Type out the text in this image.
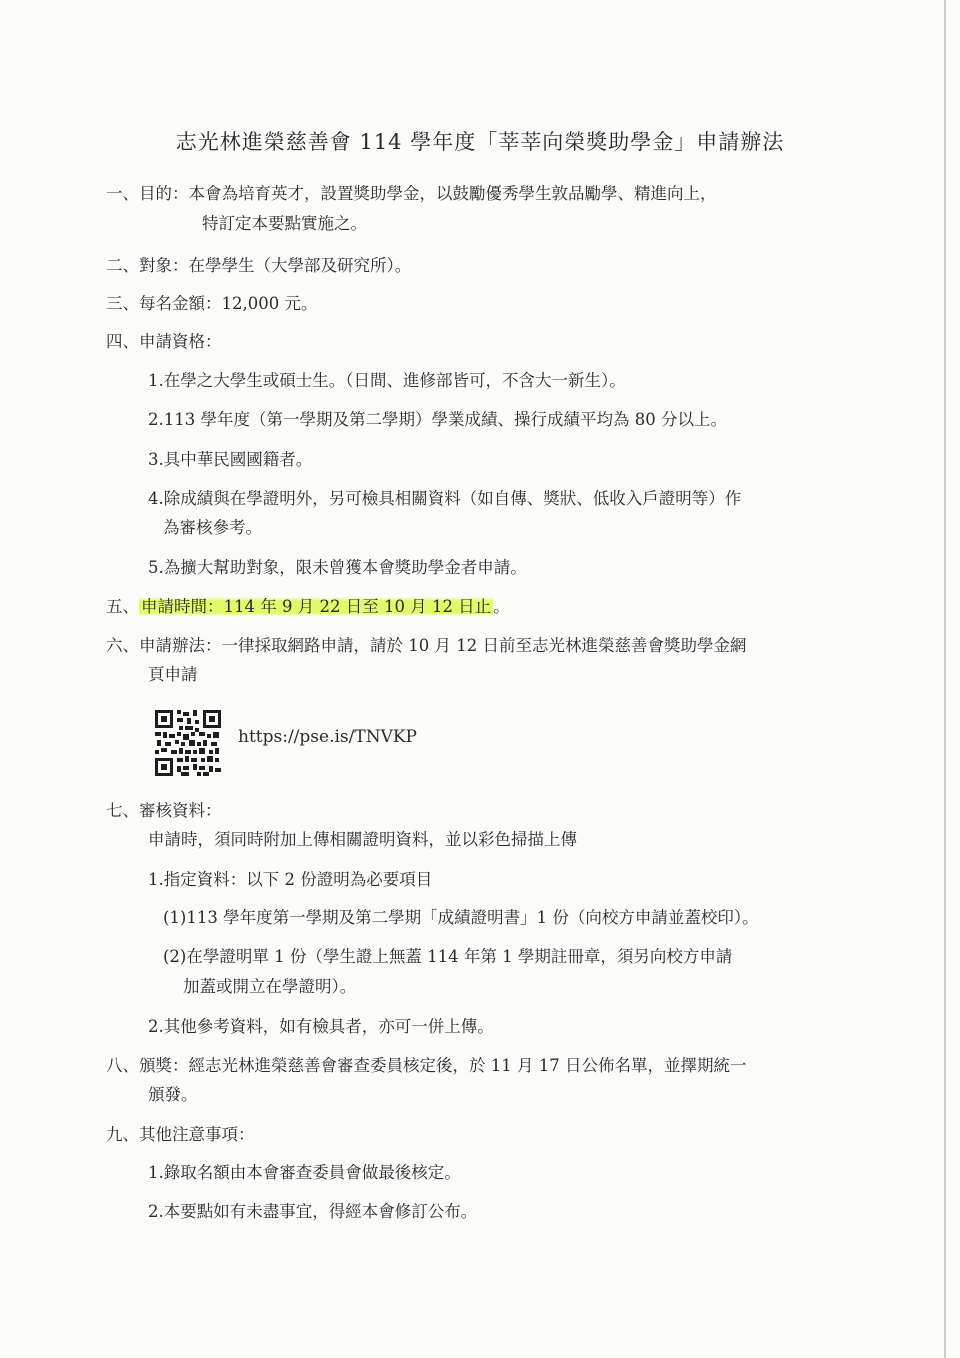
志光林進榮慈善會 114 學年度「莘莘向榮獎助學金」申請辦法
一、目的：本會為培育英才，設置獎助學金，以鼓勵優秀學生敦品勵學、精進向上，
特訂定本要點實施之。
二、對象：在學學生（大學部及研究所）。
三、每名金額：12,000 元。
四、申請資格：
1.在學之大學生或碩士生。（日間、進修部皆可，不含大一新生）。
2.113 學年度（第一學期及第二學期）學業成績、操行成績平均為 80 分以上。
3.具中華民國國籍者。
4.除成績與在學證明外，另可檢具相關資料（如自傳、獎狀、低收入戶證明等）作
為審核參考。
5.為擴大幫助對象，限未曾獲本會獎助學金者申請。
五、 申請時間：114 年 9 月 22 日至 10 月 12 日止 。
六、申請辦法：一律採取網路申請，請於 10 月 12 日前至志光林進榮慈善會獎助學金網
頁申請
https://pse.is/TNVKP
七、審核資料：
申請時，須同時附加上傳相關證明資料，並以彩色掃描上傳
1.指定資料：以下 2 份證明為必要項目
(1)113 學年度第一學期及第二學期「成績證明書」1 份（向校方申請並蓋校印）。
(2)在學證明單 1 份（學生證上無蓋 114 年第 1 學期註冊章，須另向校方申請
加蓋或開立在學證明）。
2.其他參考資料，如有檢具者，亦可一併上傳。
八、頒獎：經志光林進榮慈善會審查委員核定後，於 11 月 17 日公佈名單，並擇期統一
頒發。
九、其他注意事項：
1.錄取名額由本會審查委員會做最後核定。
2.本要點如有未盡事宜，得經本會修訂公布。
